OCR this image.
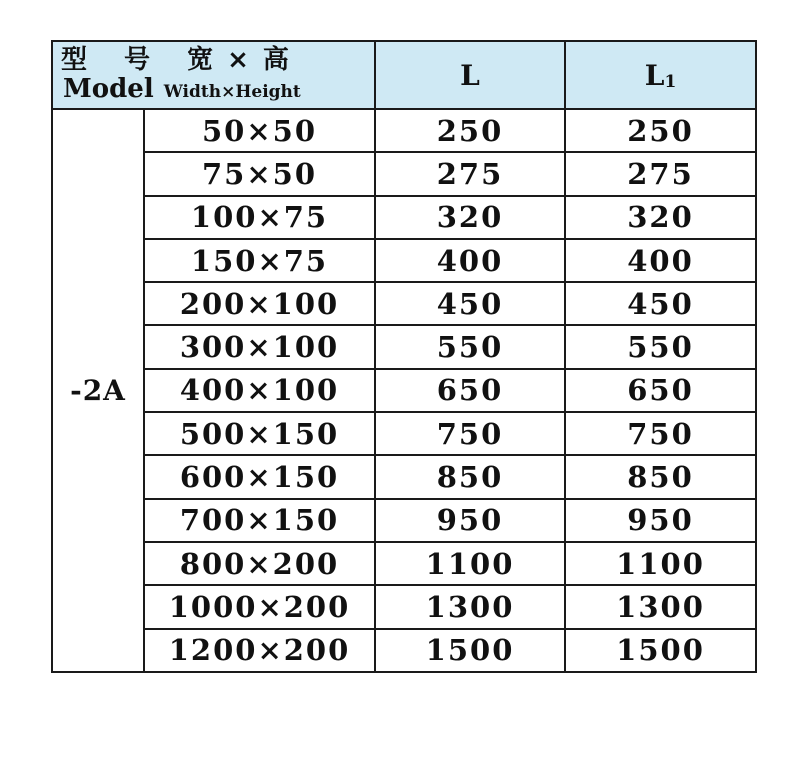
型 号 宽×高
Model Width×Height		L	$L_1$
-2A	50×50	250	250
	75×50	275	275
	100×75	320	320
	150×75	400	400
	200×100	450	450
	300×100	550	550
	400×100	650	650
	500×150	750	750
	600×150	850	850
	700×150	950	950
	800×200	1100	1100
	1000×200	1300	1300
	1200×200	1500	1500
